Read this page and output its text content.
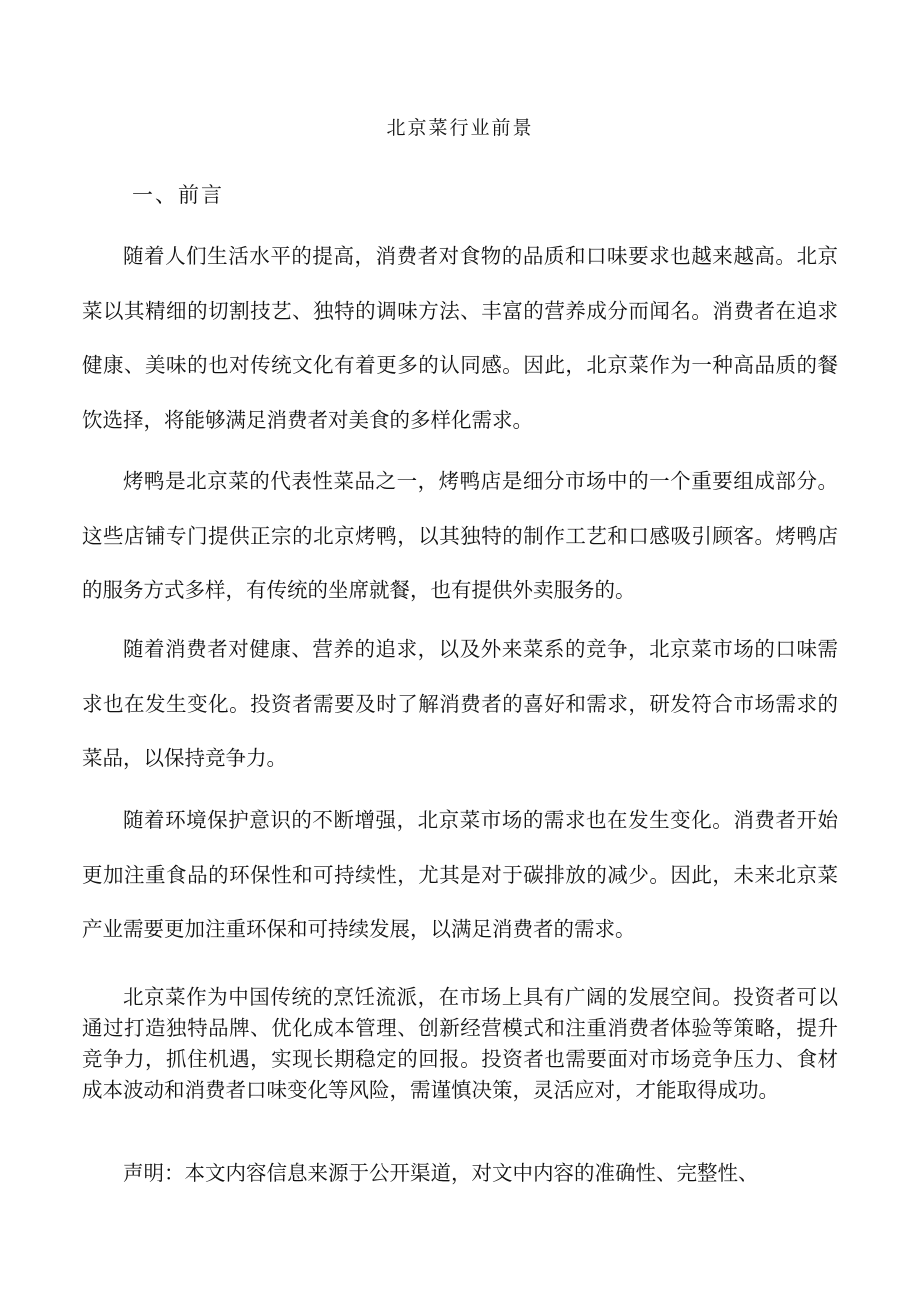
北京菜行业前景
一、前言

随着人们生活水平的提高，消费者对食物的品质和口味要求也越来越高。北京菜以其精细的切割技艺、独特的调味方法、丰富的营养成分而闻名。消费者在追求健康、美味的也对传统文化有着更多的认同感。因此，北京菜作为一种高品质的餐饮选择，将能够满足消费者对美食的多样化需求。

烤鸭是北京菜的代表性菜品之一，烤鸭店是细分市场中的一个重要组成部分。这些店铺专门提供正宗的北京烤鸭，以其独特的制作工艺和口感吸引顾客。烤鸭店的服务方式多样，有传统的坐席就餐，也有提供外卖服务的。

随着消费者对健康、营养的追求，以及外来菜系的竞争，北京菜市场的口味需求也在发生变化。投资者需要及时了解消费者的喜好和需求，研发符合市场需求的菜品，以保持竞争力。

随着环境保护意识的不断增强，北京菜市场的需求也在发生变化。消费者开始更加注重食品的环保性和可持续性，尤其是对于碳排放的减少。因此，未来北京菜产业需要更加注重环保和可持续发展，以满足消费者的需求。

北京菜作为中国传统的烹饪流派，在市场上具有广阔的发展空间。投资者可以通过打造独特品牌、优化成本管理、创新经营模式和注重消费者体验等策略，提升竞争力，抓住机遇，实现长期稳定的回报。投资者也需要面对市场竞争压力、食材成本波动和消费者口味变化等风险，需谨慎决策，灵活应对，才能取得成功。

声明：本文内容信息来源于公开渠道，对文中内容的准确性、完整性、
